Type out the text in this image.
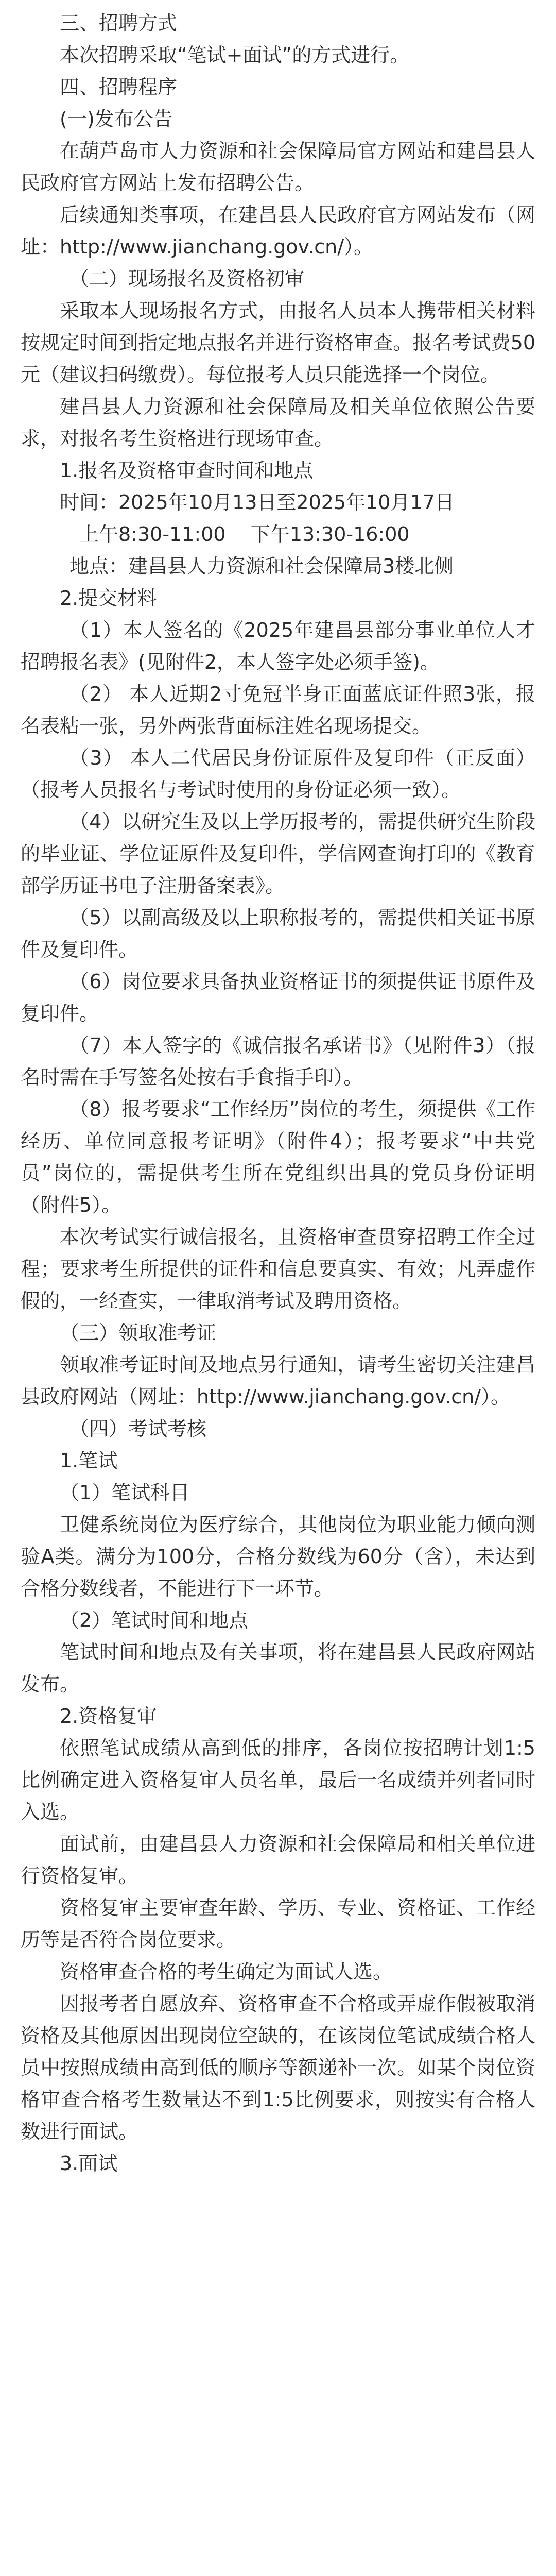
三、招聘方式

本次招聘采取“笔试+面试”的方式进行。

四、招聘程序

(一)发布公告

在葫芦岛市人力资源和社会保障局官方网站和建昌县人民政府官方网站上发布招聘公告。

后续通知类事项，在建昌县人民政府官方网站发布（网址：http://www.jianchang.gov.cn/）。

（二）现场报名及资格初审

采取本人现场报名方式，由报名人员本人携带相关材料按规定时间到指定地点报名并进行资格审查。报名考试费50元（建议扫码缴费）。每位报考人员只能选择一个岗位。

建昌县人力资源和社会保障局及相关单位依照公告要求，对报名考生资格进行现场审查。

1.报名及资格审查时间和地点

时间：2025年10月13日至2025年10月17日

上午8:30-11:00    下午13:30-16:00

地点：建昌县人力资源和社会保障局3楼北侧

2.提交材料

（1）本人签名的《2025年建昌县部分事业单位人才招聘报名表》(见附件2，本人签字处必须手签)。

（2） 本人近期2寸免冠半身正面蓝底证件照3张，报名表粘一张，另外两张背面标注姓名现场提交。

（3） 本人二代居民身份证原件及复印件（正反面）（报考人员报名与考试时使用的身份证必须一致）。

（4）以研究生及以上学历报考的，需提供研究生阶段的毕业证、学位证原件及复印件，学信网查询打印的《教育部学历证书电子注册备案表》。

（5）以副高级及以上职称报考的，需提供相关证书原件及复印件。

（6）岗位要求具备执业资格证书的须提供证书原件及复印件。

（7）本人签字的《诚信报名承诺书》（见附件3）（报名时需在手写签名处按右手食指手印）。

（8）报考要求“工作经历”岗位的考生，须提供《工作经历、单位同意报考证明》（附件4）；报考要求“中共党员”岗位的，需提供考生所在党组织出具的党员身份证明（附件5）。

本次考试实行诚信报名，且资格审查贯穿招聘工作全过程；要求考生所提供的证件和信息要真实、有效；凡弄虚作假的，一经查实，一律取消考试及聘用资格。

（三）领取准考证

领取准考证时间及地点另行通知，请考生密切关注建昌县政府网站（网址：http://www.jianchang.gov.cn/）。

（四）考试考核

1.笔试

（1）笔试科目

卫健系统岗位为医疗综合，其他岗位为职业能力倾向测验A类。满分为100分，合格分数线为60分（含），未达到合格分数线者，不能进行下一环节。

（2）笔试时间和地点

笔试时间和地点及有关事项，将在建昌县人民政府网站发布。

2.资格复审

依照笔试成绩从高到低的排序，各岗位按招聘计划1:5比例确定进入资格复审人员名单，最后一名成绩并列者同时入选。

面试前，由建昌县人力资源和社会保障局和相关单位进行资格复审。

资格复审主要审查年龄、学历、专业、资格证、工作经历等是否符合岗位要求。

资格审查合格的考生确定为面试人选。

因报考者自愿放弃、资格审查不合格或弄虚作假被取消资格及其他原因出现岗位空缺的，在该岗位笔试成绩合格人员中按照成绩由高到低的顺序等额递补一次。如某个岗位资格审查合格考生数量达不到1:5比例要求，则按实有合格人数进行面试。

3.面试
